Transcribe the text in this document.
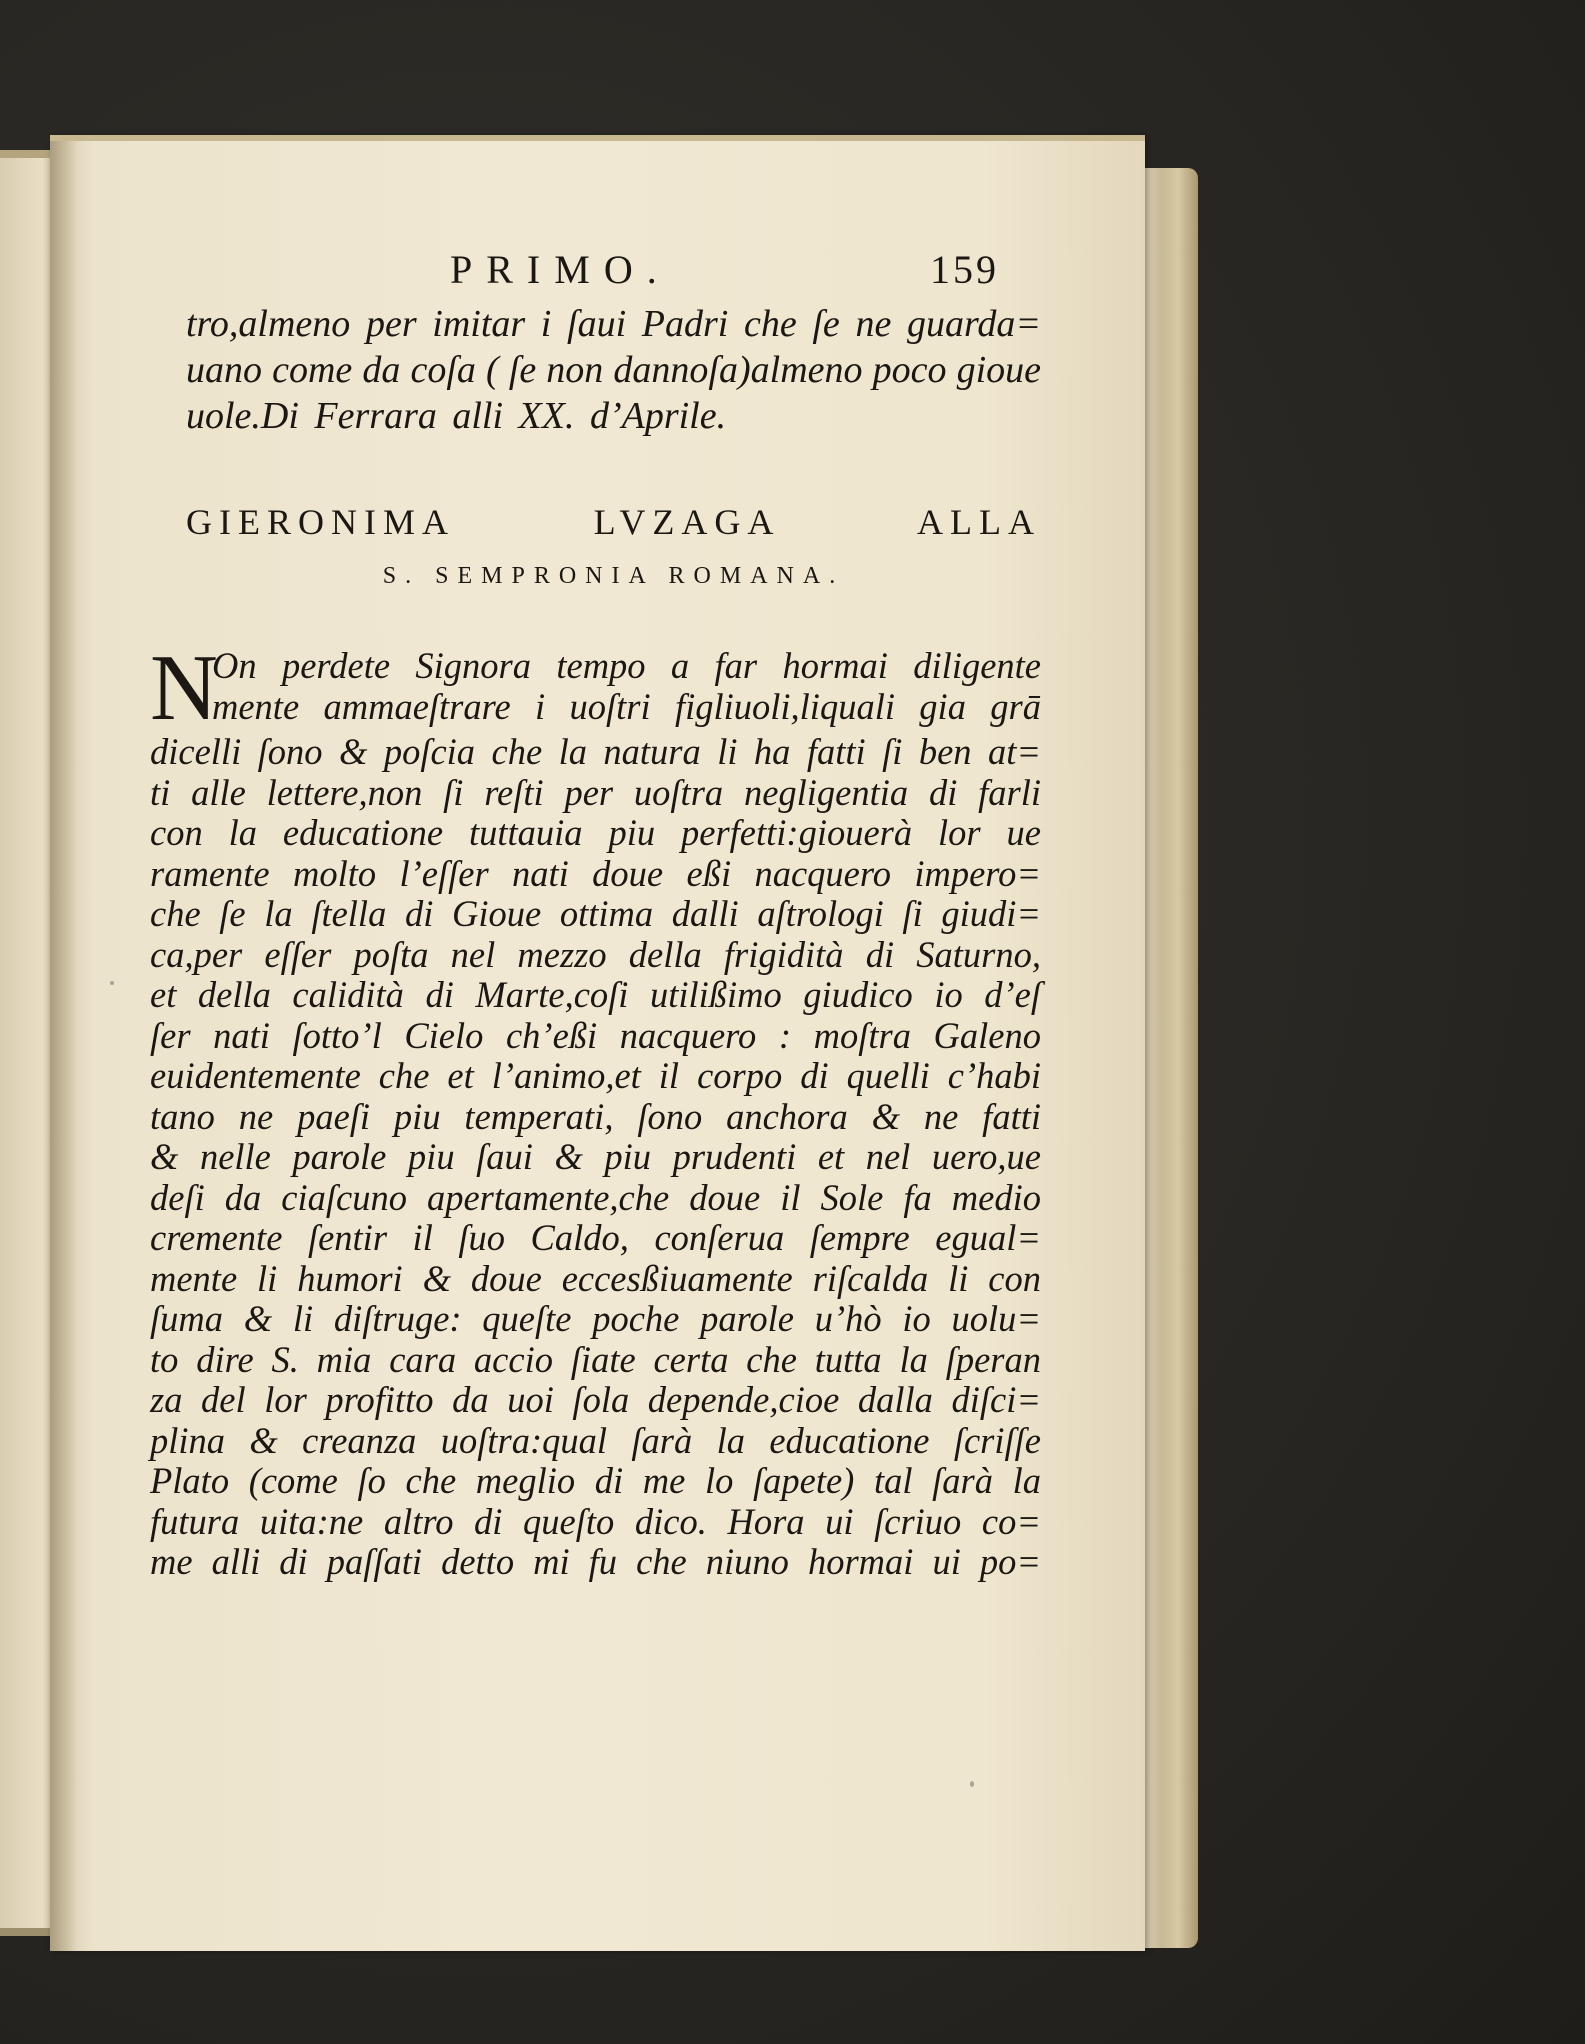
PRIMO.	159
tro,almeno per imitar i ſaui Padri che ſe ne guarda=
uano come da coſa ( ſe non dannoſa)almeno poco gioue
uole.Di Ferrara alli XX. d’Aprile.
GIERONIMA LVZAGA ALLA
S. SEMPRONIA ROMANA.
N
On perdete Signora tempo a far hormai diligente
mente ammaeſtrare i uoſtri figliuoli,liquali gia grā
dicelli ſono & poſcia che la natura li ha fatti ſi ben at=
ti alle lettere,non ſi reſti per uoſtra negligentia di farli
con la educatione tuttauia piu perfetti:giouerà lor ue
ramente molto l’eſſer nati doue eßi nacquero impero=
che ſe la ſtella di Gioue ottima dalli aſtrologi ſi giudi=
ca,per eſſer poſta nel mezzo della frigidità di Saturno,
et della calidità di Marte,coſi utilißimo giudico io d’eſ
ſer nati ſotto’l Cielo ch’eßi nacquero : moſtra Galeno
euidentemente che et l’animo,et il corpo di quelli c’habi
tano ne paeſi piu temperati, ſono anchora & ne fatti
& nelle parole piu ſaui & piu prudenti et nel uero,ue
deſi da ciaſcuno apertamente,che doue il Sole fa medio
cremente ſentir il ſuo Caldo, conſerua ſempre egual=
mente li humori & doue eccesßiuamente riſcalda li con
ſuma & li diſtruge: queſte poche parole u’hò io uolu=
to dire S. mia cara accio ſiate certa che tutta la ſperan
za del lor profitto da uoi ſola depende,cioe dalla diſci=
plina & creanza uoſtra:qual ſarà la educatione ſcriſſe
Plato (come ſo che meglio di me lo ſapete) tal ſarà la
futura uita:ne altro di queſto dico. Hora ui ſcriuo co=
me alli di paſſati detto mi fu che niuno hormai ui po=
